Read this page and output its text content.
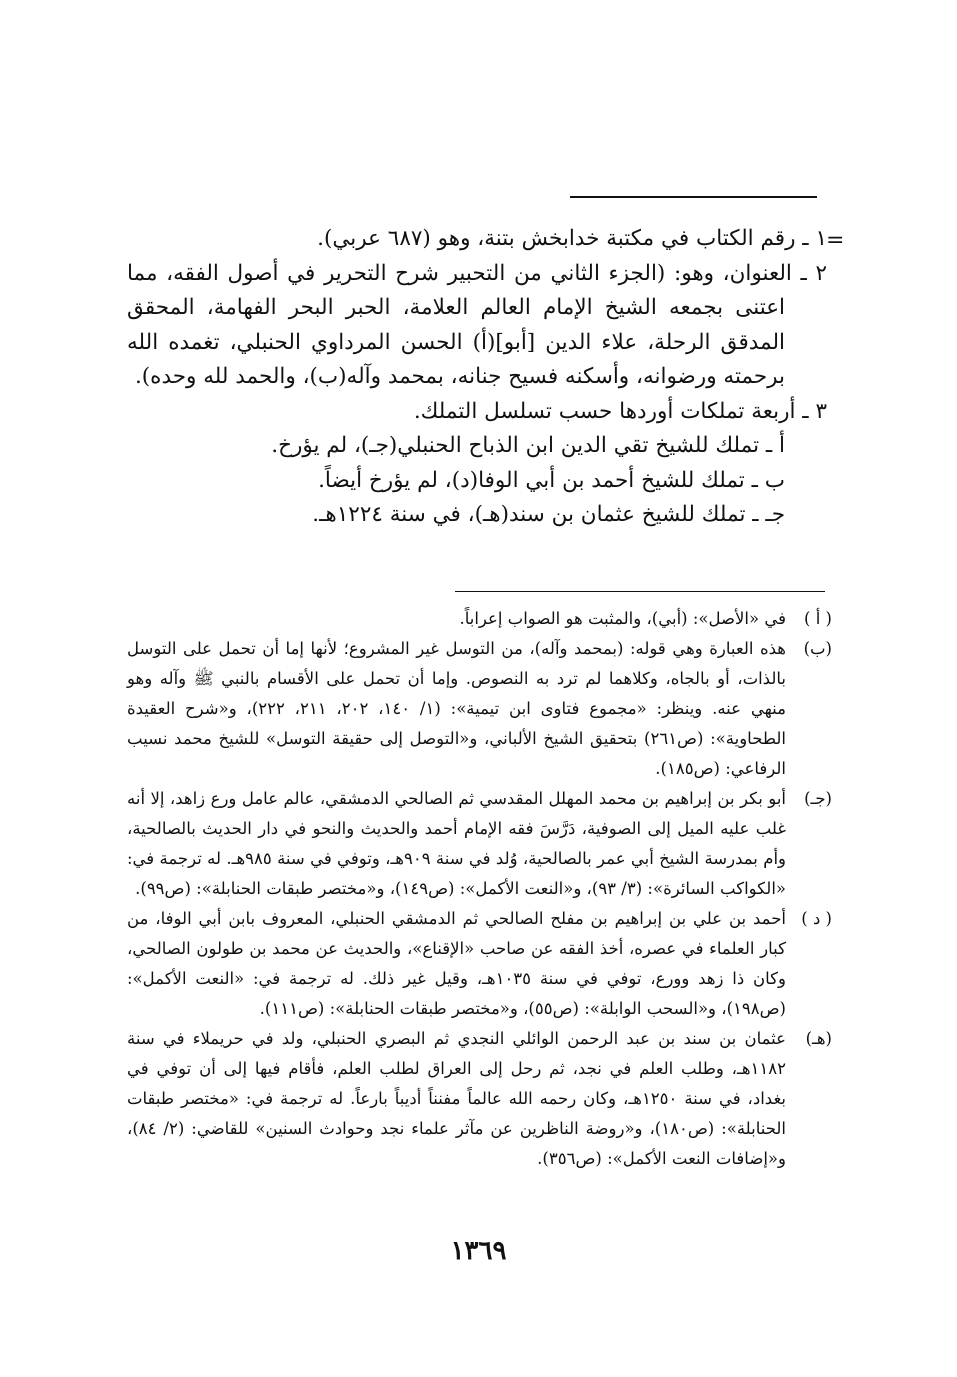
=

١ ـ رقم الكتاب في مكتبة خدابخش بتنة، وهو (٦٨٧ عربي).

٢ ـ العنوان، وهو: (الجزء الثاني من التحبير شرح التحرير في أصول الفقه، مما اعتنى بجمعه الشيخ الإمام العالم العلامة، الحبر البحر الفهامة، المحقق المدقق الرحلة، علاء الدين [أبو](أ) الحسن المرداوي الحنبلي، تغمده الله برحمته ورضوانه، وأسكنه فسيح جنانه، بمحمد وآله(ب)، والحمد لله وحده).

٣ ـ أربعة تملكات أوردها حسب تسلسل التملك.

أ ـ تملك للشيخ تقي الدين ابن الذباح الحنبلي(جـ)، لم يؤرخ.

ب ـ تملك للشيخ أحمد بن أبي الوفا(د)، لم يؤرخ أيضاً.

جـ ـ تملك للشيخ عثمان بن سند(هـ)، في سنة ١٢٢٤هـ.

( أ )
في «الأصل»: (أبي)، والمثبت هو الصواب إعراباً.
(ب)
هذه العبارة وهي قوله: (بمحمد وآله)، من التوسل غير المشروع؛ لأنها إما أن تحمل على التوسل بالذات، أو بالجاه، وكلاهما لم ترد به النصوص. وإما أن تحمل على الأقسام بالنبي ﷺ وآله وهو منهي عنه. وينظر: «مجموع فتاوى ابن تيمية»: (١/ ١٤٠، ٢٠٢، ٢١١، ٢٢٢)، و«شرح العقيدة الطحاوية»: (ص٢٦١) بتحقيق الشيخ الألباني، و«التوصل إلى حقيقة التوسل» للشيخ محمد نسيب الرفاعي: (ص١٨٥).
(جـ)
أبو بكر بن إبراهيم بن محمد المهلل المقدسي ثم الصالحي الدمشقي، عالم عامل ورع زاهد، إلا أنه غلب عليه الميل إلى الصوفية، دَرَّسَ فقه الإمام أحمد والحديث والنحو في دار الحديث بالصالحية، وأم بمدرسة الشيخ أبي عمر بالصالحية، وُلد في سنة ٩٠٩هـ، وتوفي في سنة ٩٨٥هـ. له ترجمة في: «الكواكب السائرة»: (٣/ ٩٣)، و«النعت الأكمل»: (ص١٤٩)، و«مختصر طبقات الحنابلة»: (ص٩٩).
( د )
أحمد بن علي بن إبراهيم بن مفلح الصالحي ثم الدمشقي الحنبلي، المعروف بابن أبي الوفا، من كبار العلماء في عصره، أخذ الفقه عن صاحب «الإقناع»، والحديث عن محمد بن طولون الصالحي، وكان ذا زهد وورع، توفي في سنة ١٠٣٥هـ، وقيل غير ذلك. له ترجمة في: «النعت الأكمل»: (ص١٩٨)، و«السحب الوابلة»: (ص٥٥)، و«مختصر طبقات الحنابلة»: (ص١١١).
(هـ)
عثمان بن سند بن عبد الرحمن الوائلي النجدي ثم البصري الحنبلي، ولد في حريملاء في سنة ١١٨٢هـ، وطلب العلم في نجد، ثم رحل إلى العراق لطلب العلم، فأقام فيها إلى أن توفي في بغداد، في سنة ١٢٥٠هـ، وكان رحمه الله عالماً مفنناً أديباً بارعاً. له ترجمة في: «مختصر طبقات الحنابلة»: (ص١٨٠)، و«روضة الناظرين عن مآثر علماء نجد وحوادث السنين» للقاضي: (٢/ ٨٤)، و«إضافات النعت الأكمل»: (ص٣٥٦).
١٣٦٩
